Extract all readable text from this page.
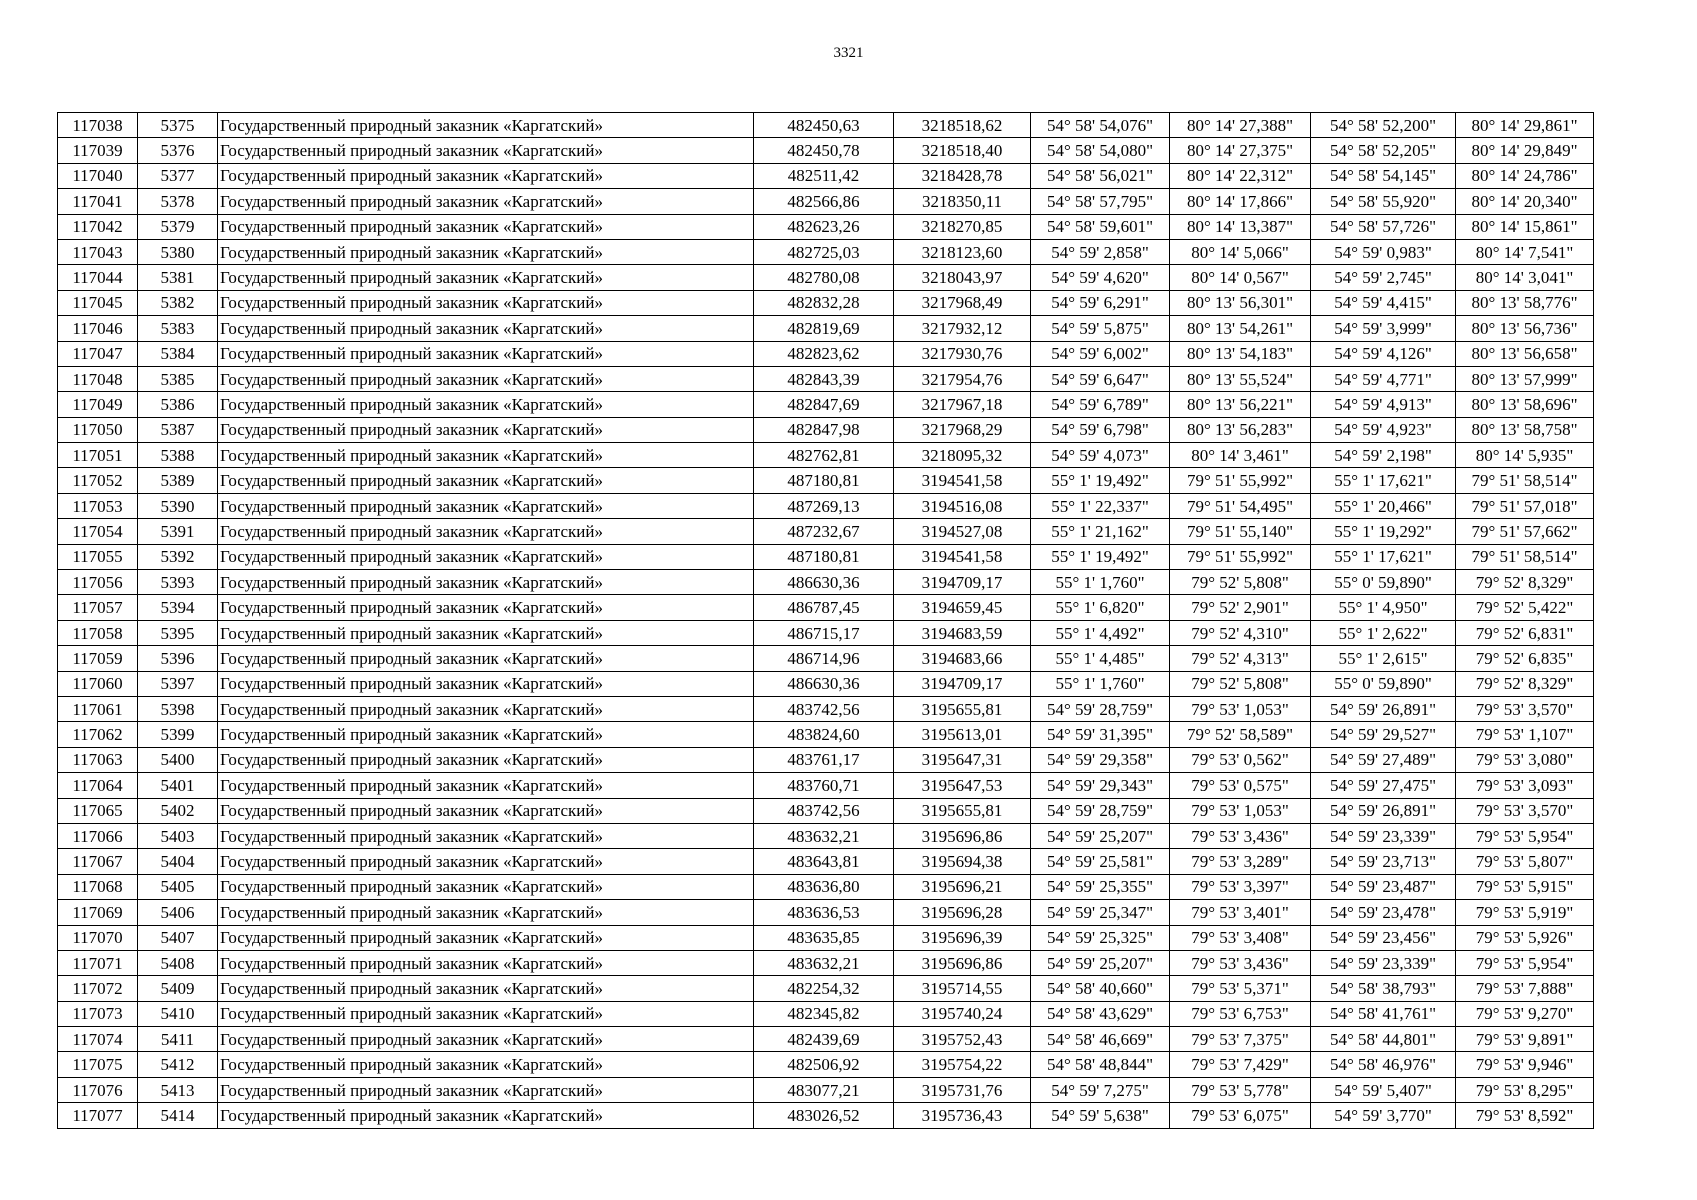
3321
117038	5375	Государственный природный заказник «Каргатский»	482450,63	3218518,62	54° 58' 54,076"	80° 14' 27,388"	54° 58' 52,200"	80° 14' 29,861"
117039	5376	Государственный природный заказник «Каргатский»	482450,78	3218518,40	54° 58' 54,080"	80° 14' 27,375"	54° 58' 52,205"	80° 14' 29,849"
117040	5377	Государственный природный заказник «Каргатский»	482511,42	3218428,78	54° 58' 56,021"	80° 14' 22,312"	54° 58' 54,145"	80° 14' 24,786"
117041	5378	Государственный природный заказник «Каргатский»	482566,86	3218350,11	54° 58' 57,795"	80° 14' 17,866"	54° 58' 55,920"	80° 14' 20,340"
117042	5379	Государственный природный заказник «Каргатский»	482623,26	3218270,85	54° 58' 59,601"	80° 14' 13,387"	54° 58' 57,726"	80° 14' 15,861"
117043	5380	Государственный природный заказник «Каргатский»	482725,03	3218123,60	54° 59' 2,858"	80° 14' 5,066"	54° 59' 0,983"	80° 14' 7,541"
117044	5381	Государственный природный заказник «Каргатский»	482780,08	3218043,97	54° 59' 4,620"	80° 14' 0,567"	54° 59' 2,745"	80° 14' 3,041"
117045	5382	Государственный природный заказник «Каргатский»	482832,28	3217968,49	54° 59' 6,291"	80° 13' 56,301"	54° 59' 4,415"	80° 13' 58,776"
117046	5383	Государственный природный заказник «Каргатский»	482819,69	3217932,12	54° 59' 5,875"	80° 13' 54,261"	54° 59' 3,999"	80° 13' 56,736"
117047	5384	Государственный природный заказник «Каргатский»	482823,62	3217930,76	54° 59' 6,002"	80° 13' 54,183"	54° 59' 4,126"	80° 13' 56,658"
117048	5385	Государственный природный заказник «Каргатский»	482843,39	3217954,76	54° 59' 6,647"	80° 13' 55,524"	54° 59' 4,771"	80° 13' 57,999"
117049	5386	Государственный природный заказник «Каргатский»	482847,69	3217967,18	54° 59' 6,789"	80° 13' 56,221"	54° 59' 4,913"	80° 13' 58,696"
117050	5387	Государственный природный заказник «Каргатский»	482847,98	3217968,29	54° 59' 6,798"	80° 13' 56,283"	54° 59' 4,923"	80° 13' 58,758"
117051	5388	Государственный природный заказник «Каргатский»	482762,81	3218095,32	54° 59' 4,073"	80° 14' 3,461"	54° 59' 2,198"	80° 14' 5,935"
117052	5389	Государственный природный заказник «Каргатский»	487180,81	3194541,58	55° 1' 19,492"	79° 51' 55,992"	55° 1' 17,621"	79° 51' 58,514"
117053	5390	Государственный природный заказник «Каргатский»	487269,13	3194516,08	55° 1' 22,337"	79° 51' 54,495"	55° 1' 20,466"	79° 51' 57,018"
117054	5391	Государственный природный заказник «Каргатский»	487232,67	3194527,08	55° 1' 21,162"	79° 51' 55,140"	55° 1' 19,292"	79° 51' 57,662"
117055	5392	Государственный природный заказник «Каргатский»	487180,81	3194541,58	55° 1' 19,492"	79° 51' 55,992"	55° 1' 17,621"	79° 51' 58,514"
117056	5393	Государственный природный заказник «Каргатский»	486630,36	3194709,17	55° 1' 1,760"	79° 52' 5,808"	55° 0' 59,890"	79° 52' 8,329"
117057	5394	Государственный природный заказник «Каргатский»	486787,45	3194659,45	55° 1' 6,820"	79° 52' 2,901"	55° 1' 4,950"	79° 52' 5,422"
117058	5395	Государственный природный заказник «Каргатский»	486715,17	3194683,59	55° 1' 4,492"	79° 52' 4,310"	55° 1' 2,622"	79° 52' 6,831"
117059	5396	Государственный природный заказник «Каргатский»	486714,96	3194683,66	55° 1' 4,485"	79° 52' 4,313"	55° 1' 2,615"	79° 52' 6,835"
117060	5397	Государственный природный заказник «Каргатский»	486630,36	3194709,17	55° 1' 1,760"	79° 52' 5,808"	55° 0' 59,890"	79° 52' 8,329"
117061	5398	Государственный природный заказник «Каргатский»	483742,56	3195655,81	54° 59' 28,759"	79° 53' 1,053"	54° 59' 26,891"	79° 53' 3,570"
117062	5399	Государственный природный заказник «Каргатский»	483824,60	3195613,01	54° 59' 31,395"	79° 52' 58,589"	54° 59' 29,527"	79° 53' 1,107"
117063	5400	Государственный природный заказник «Каргатский»	483761,17	3195647,31	54° 59' 29,358"	79° 53' 0,562"	54° 59' 27,489"	79° 53' 3,080"
117064	5401	Государственный природный заказник «Каргатский»	483760,71	3195647,53	54° 59' 29,343"	79° 53' 0,575"	54° 59' 27,475"	79° 53' 3,093"
117065	5402	Государственный природный заказник «Каргатский»	483742,56	3195655,81	54° 59' 28,759"	79° 53' 1,053"	54° 59' 26,891"	79° 53' 3,570"
117066	5403	Государственный природный заказник «Каргатский»	483632,21	3195696,86	54° 59' 25,207"	79° 53' 3,436"	54° 59' 23,339"	79° 53' 5,954"
117067	5404	Государственный природный заказник «Каргатский»	483643,81	3195694,38	54° 59' 25,581"	79° 53' 3,289"	54° 59' 23,713"	79° 53' 5,807"
117068	5405	Государственный природный заказник «Каргатский»	483636,80	3195696,21	54° 59' 25,355"	79° 53' 3,397"	54° 59' 23,487"	79° 53' 5,915"
117069	5406	Государственный природный заказник «Каргатский»	483636,53	3195696,28	54° 59' 25,347"	79° 53' 3,401"	54° 59' 23,478"	79° 53' 5,919"
117070	5407	Государственный природный заказник «Каргатский»	483635,85	3195696,39	54° 59' 25,325"	79° 53' 3,408"	54° 59' 23,456"	79° 53' 5,926"
117071	5408	Государственный природный заказник «Каргатский»	483632,21	3195696,86	54° 59' 25,207"	79° 53' 3,436"	54° 59' 23,339"	79° 53' 5,954"
117072	5409	Государственный природный заказник «Каргатский»	482254,32	3195714,55	54° 58' 40,660"	79° 53' 5,371"	54° 58' 38,793"	79° 53' 7,888"
117073	5410	Государственный природный заказник «Каргатский»	482345,82	3195740,24	54° 58' 43,629"	79° 53' 6,753"	54° 58' 41,761"	79° 53' 9,270"
117074	5411	Государственный природный заказник «Каргатский»	482439,69	3195752,43	54° 58' 46,669"	79° 53' 7,375"	54° 58' 44,801"	79° 53' 9,891"
117075	5412	Государственный природный заказник «Каргатский»	482506,92	3195754,22	54° 58' 48,844"	79° 53' 7,429"	54° 58' 46,976"	79° 53' 9,946"
117076	5413	Государственный природный заказник «Каргатский»	483077,21	3195731,76	54° 59' 7,275"	79° 53' 5,778"	54° 59' 5,407"	79° 53' 8,295"
117077	5414	Государственный природный заказник «Каргатский»	483026,52	3195736,43	54° 59' 5,638"	79° 53' 6,075"	54° 59' 3,770"	79° 53' 8,592"
